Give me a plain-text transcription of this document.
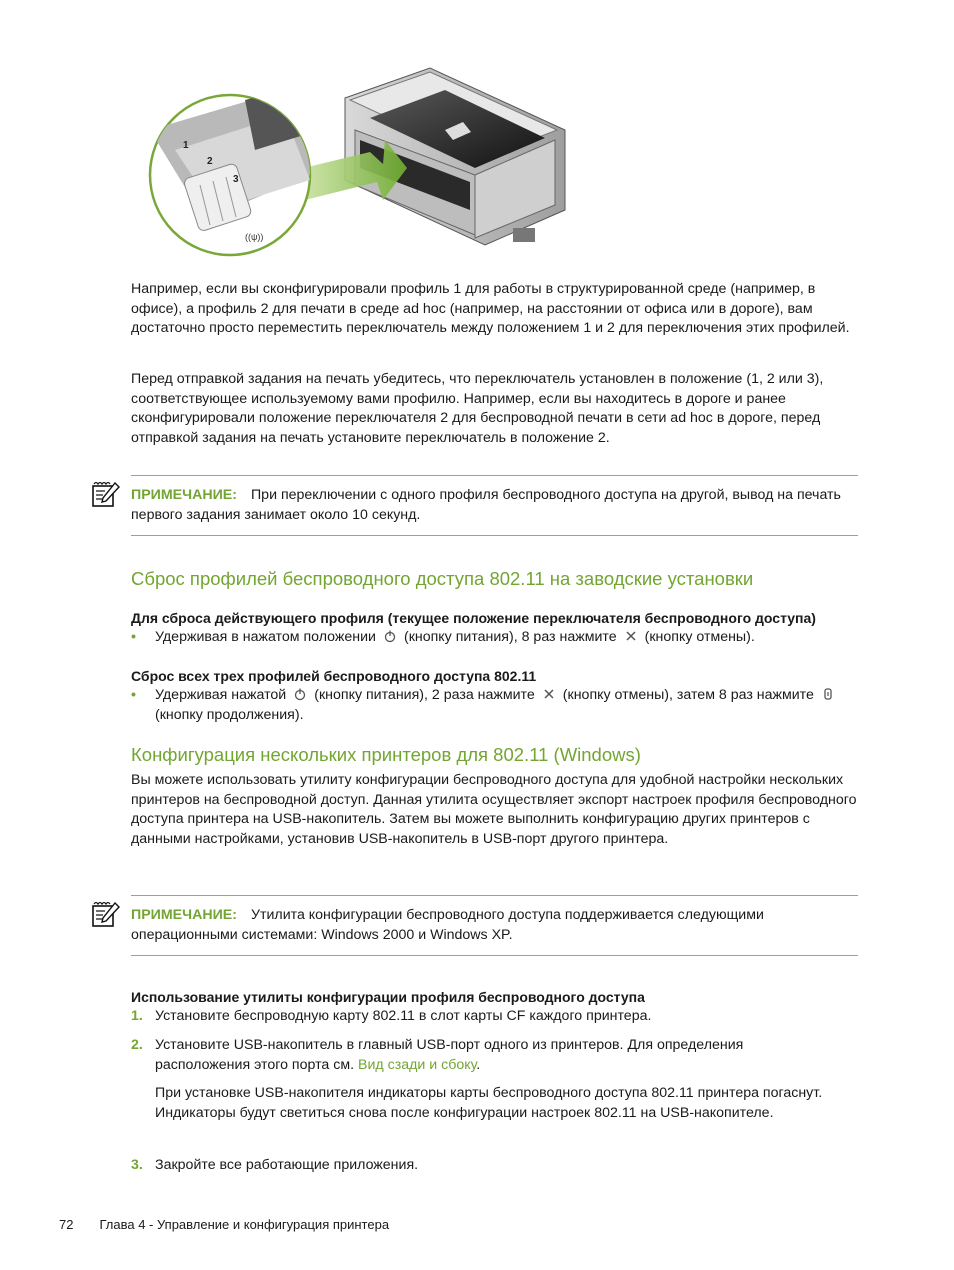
1
2
3
((ψ))

Например, если вы сконфигурировали профиль 1 для работы в структурированной среде (например, в офисе), а профиль 2 для печати в среде ad hoc (например, на расстоянии от офиса или в дороге), вам достаточно просто переместить переключатель между положением 1 и 2 для переключения этих профилей.

Перед отправкой задания на печать убедитесь, что переключатель установлен в положение (1, 2 или 3), соответствующее используемому вами профилю. Например, если вы находитесь в дороге и ранее сконфигурировали положение переключателя 2 для беспроводной печати в сети ad hoc в дороге, перед отправкой задания на печать установите переключатель в положение 2.

ПРИМЕЧАНИЕ: При переключении с одного профиля беспроводного доступа на другой, вывод на печать первого задания занимает около 10 секунд.

Сброс профилей беспроводного доступа 802.11 на заводские установки
Для сброса действующего профиля (текущее положение переключателя беспроводного доступа)
• Удерживая в нажатом положении (кнопку питания), 8 раз нажмите (кнопку отмены).
Сброс всех трех профилей беспроводного доступа 802.11
• Удерживая нажатой (кнопку питания), 2 раза нажмите (кнопку отмены), затем 8 раз нажмите(кнопку продолжения).
Конфигурация нескольких принтеров для 802.11 (Windows)

Вы можете использовать утилиту конфигурации беспроводного доступа для удобной настройки нескольких принтеров на беспроводной доступ. Данная утилита осуществляет экспорт настроек профиля беспроводного доступа принтера на USB-накопитель. Затем вы можете выполнить конфигурацию других принтеров с данными настройками, установив USB-накопитель в USB-порт другого принтера.

ПРИМЕЧАНИЕ: Утилита конфигурации беспроводного доступа поддерживается следующими операционными системами: Windows 2000 и Windows XP.

Использование утилиты конфигурации профиля беспроводного доступа
1. Установите беспроводную карту 802.11 в слот карты CF каждого принтера.
2. Установите USB-накопитель в главный USB-порт одного из принтеров. Для определения расположения этого порта см. Вид сзади и сбоку.
При установке USB-накопителя индикаторы карты беспроводного доступа 802.11 принтера погаснут. Индикаторы будут светиться снова после конфигурации настроек 802.11 на USB-накопителе.
3. Закройте все работающие приложения.
72 Глава 4 - Управление и конфигурация принтера
